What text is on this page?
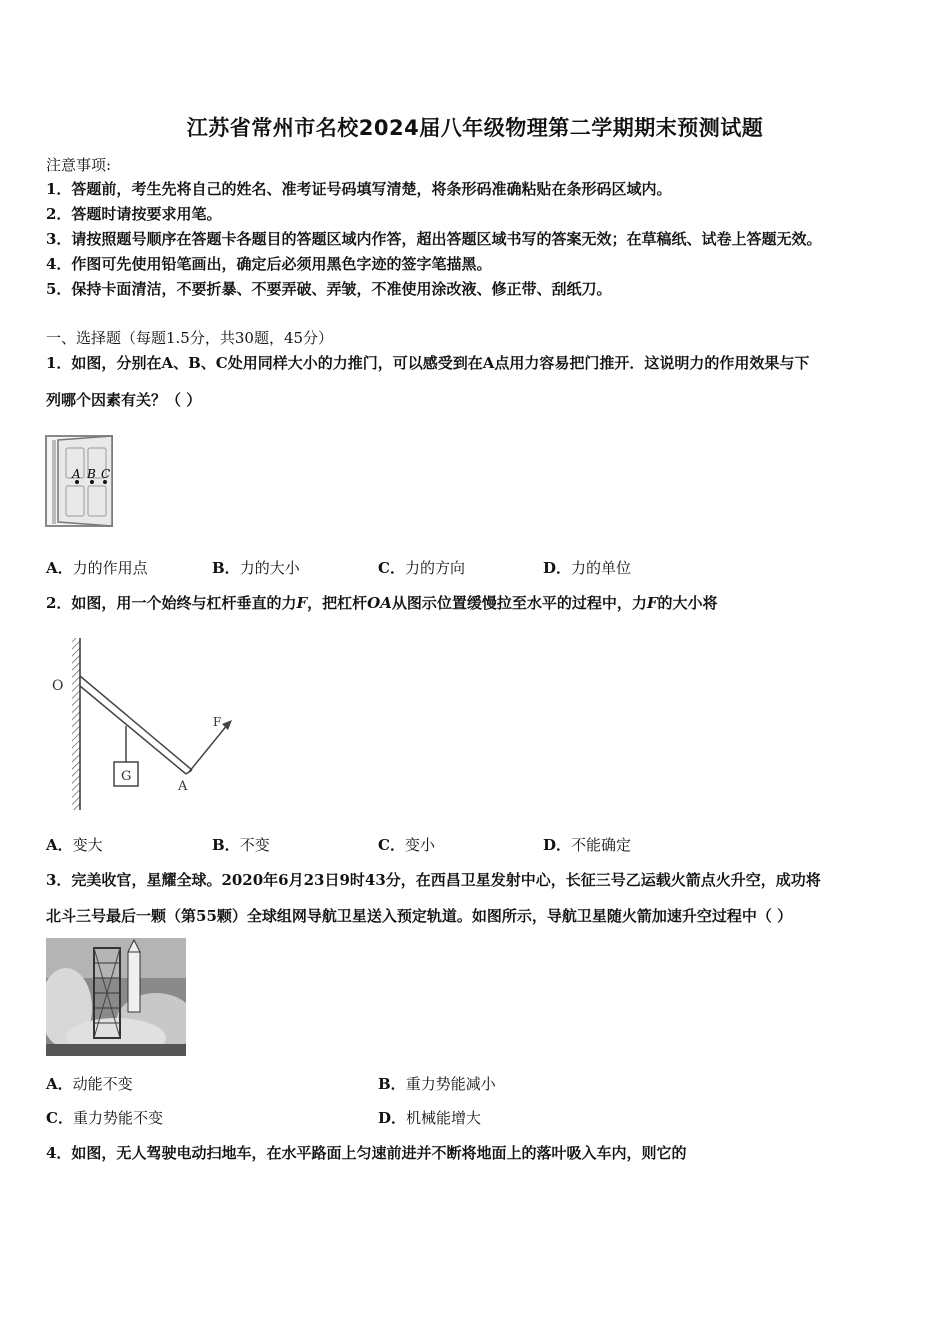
江苏省常州市名校2024届八年级物理第二学期期末预测试题
注意事项:
1．答题前，考生先将自己的姓名、准考证号码填写清楚，将条形码准确粘贴在条形码区域内。
2．答题时请按要求用笔。
3．请按照题号顺序在答题卡各题目的答题区域内作答，超出答题区域书写的答案无效；在草稿纸、试卷上答题无效。
4．作图可先使用铅笔画出，确定后必须用黑色字迹的签字笔描黑。
5．保持卡面清洁，不要折暴、不要弄破、弄皱，不准使用涂改液、修正带、刮纸刀。
一、选择题（每题1.5分，共30题，45分）
1．如图，分别在A、B、C处用同样大小的力推门，可以感受到在A点用力容易把门推开．这说明力的作用效果与下
列哪个因素有关？（ ）
A B C
A．力的作用点	B．力的大小	C．力的方向	D．力的单位
2．如图，用一个始终与杠杆垂直的力F，把杠杆OA从图示位置缓慢拉至水平的过程中，力F的大小将
O
G
A
F
A．变大	B．不变	C．变小	D．不能确定
3．完美收官，星耀全球。2020年6月23日9时43分，在西昌卫星发射中心，长征三号乙运载火箭点火升空，成功将
北斗三号最后一颗（第55颗）全球组网导航卫星送入预定轨道。如图所示，导航卫星随火箭加速升空过程中（ ）
A．动能不变	B．重力势能减小
C．重力势能不变	D．机械能增大
4．如图，无人驾驶电动扫地车，在水平路面上匀速前进并不断将地面上的落叶吸入车内，则它的
